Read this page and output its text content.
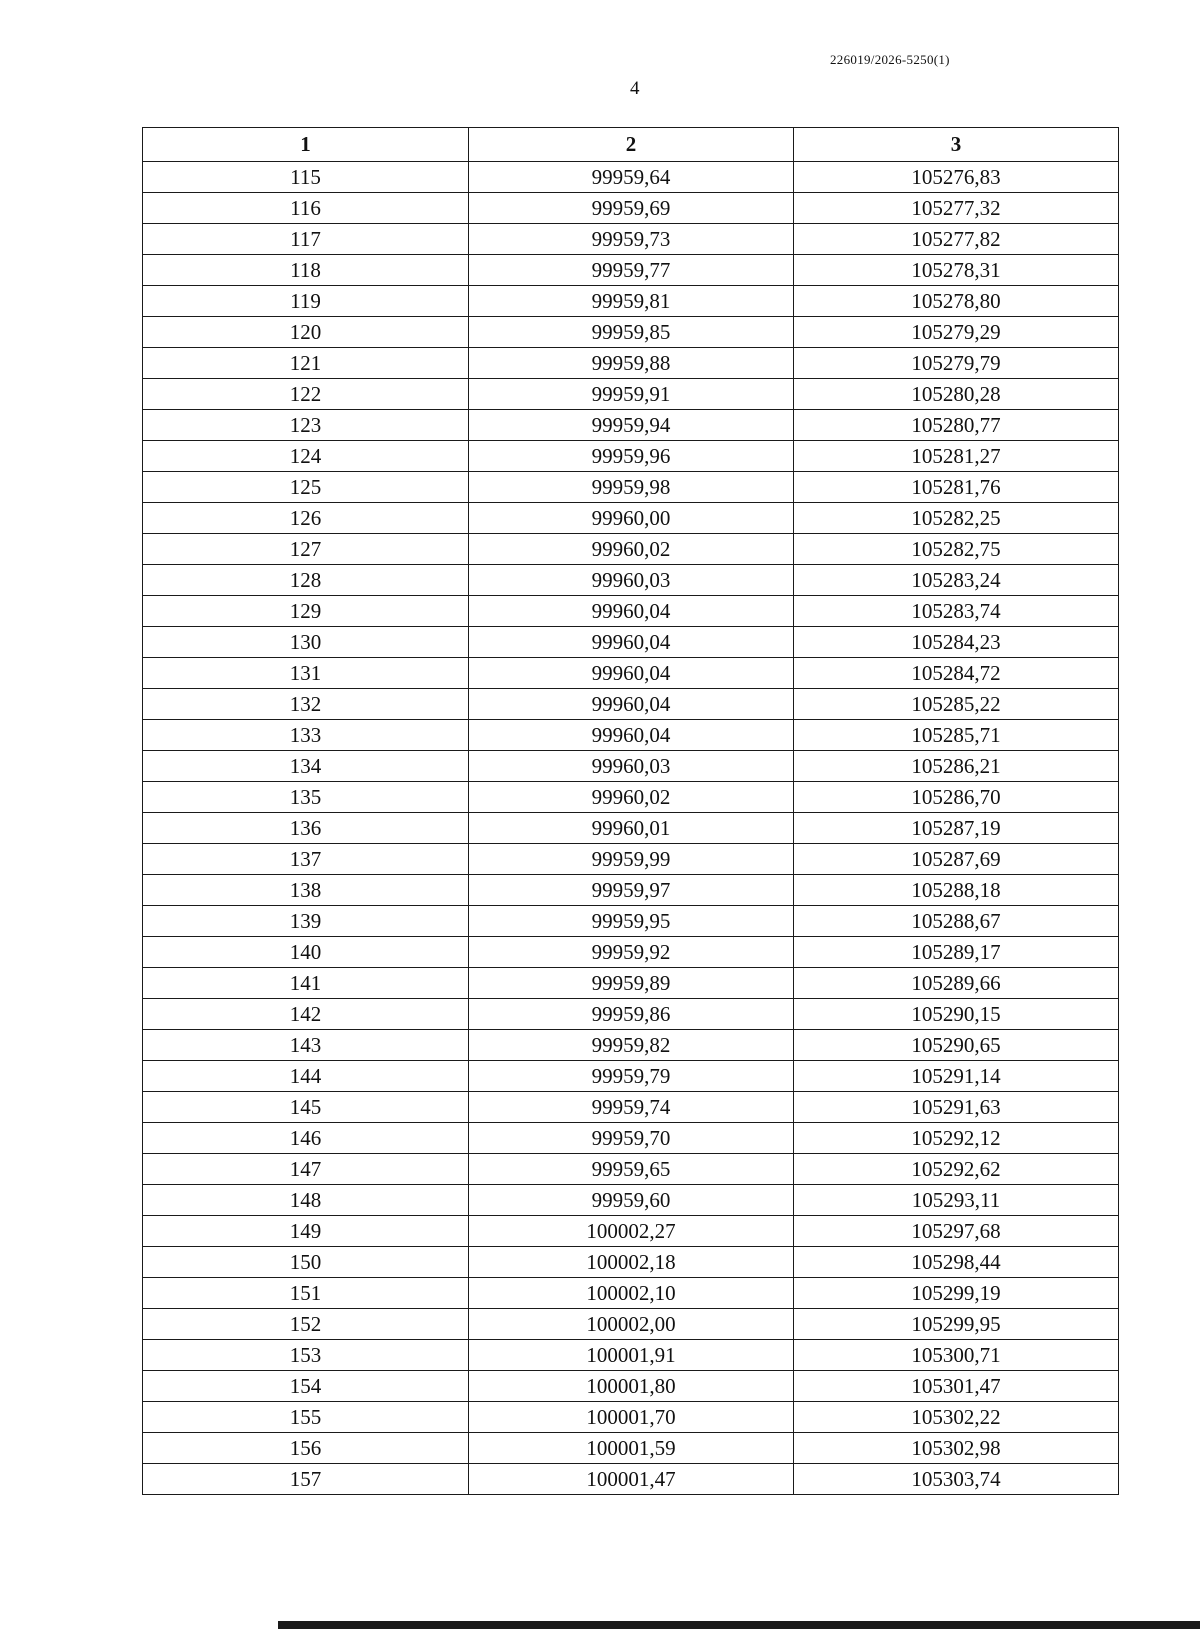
226019/2026-5250(1)
4
1	2	3
115	99959,64	105276,83
116	99959,69	105277,32
117	99959,73	105277,82
118	99959,77	105278,31
119	99959,81	105278,80
120	99959,85	105279,29
121	99959,88	105279,79
122	99959,91	105280,28
123	99959,94	105280,77
124	99959,96	105281,27
125	99959,98	105281,76
126	99960,00	105282,25
127	99960,02	105282,75
128	99960,03	105283,24
129	99960,04	105283,74
130	99960,04	105284,23
131	99960,04	105284,72
132	99960,04	105285,22
133	99960,04	105285,71
134	99960,03	105286,21
135	99960,02	105286,70
136	99960,01	105287,19
137	99959,99	105287,69
138	99959,97	105288,18
139	99959,95	105288,67
140	99959,92	105289,17
141	99959,89	105289,66
142	99959,86	105290,15
143	99959,82	105290,65
144	99959,79	105291,14
145	99959,74	105291,63
146	99959,70	105292,12
147	99959,65	105292,62
148	99959,60	105293,11
149	100002,27	105297,68
150	100002,18	105298,44
151	100002,10	105299,19
152	100002,00	105299,95
153	100001,91	105300,71
154	100001,80	105301,47
155	100001,70	105302,22
156	100001,59	105302,98
157	100001,47	105303,74
